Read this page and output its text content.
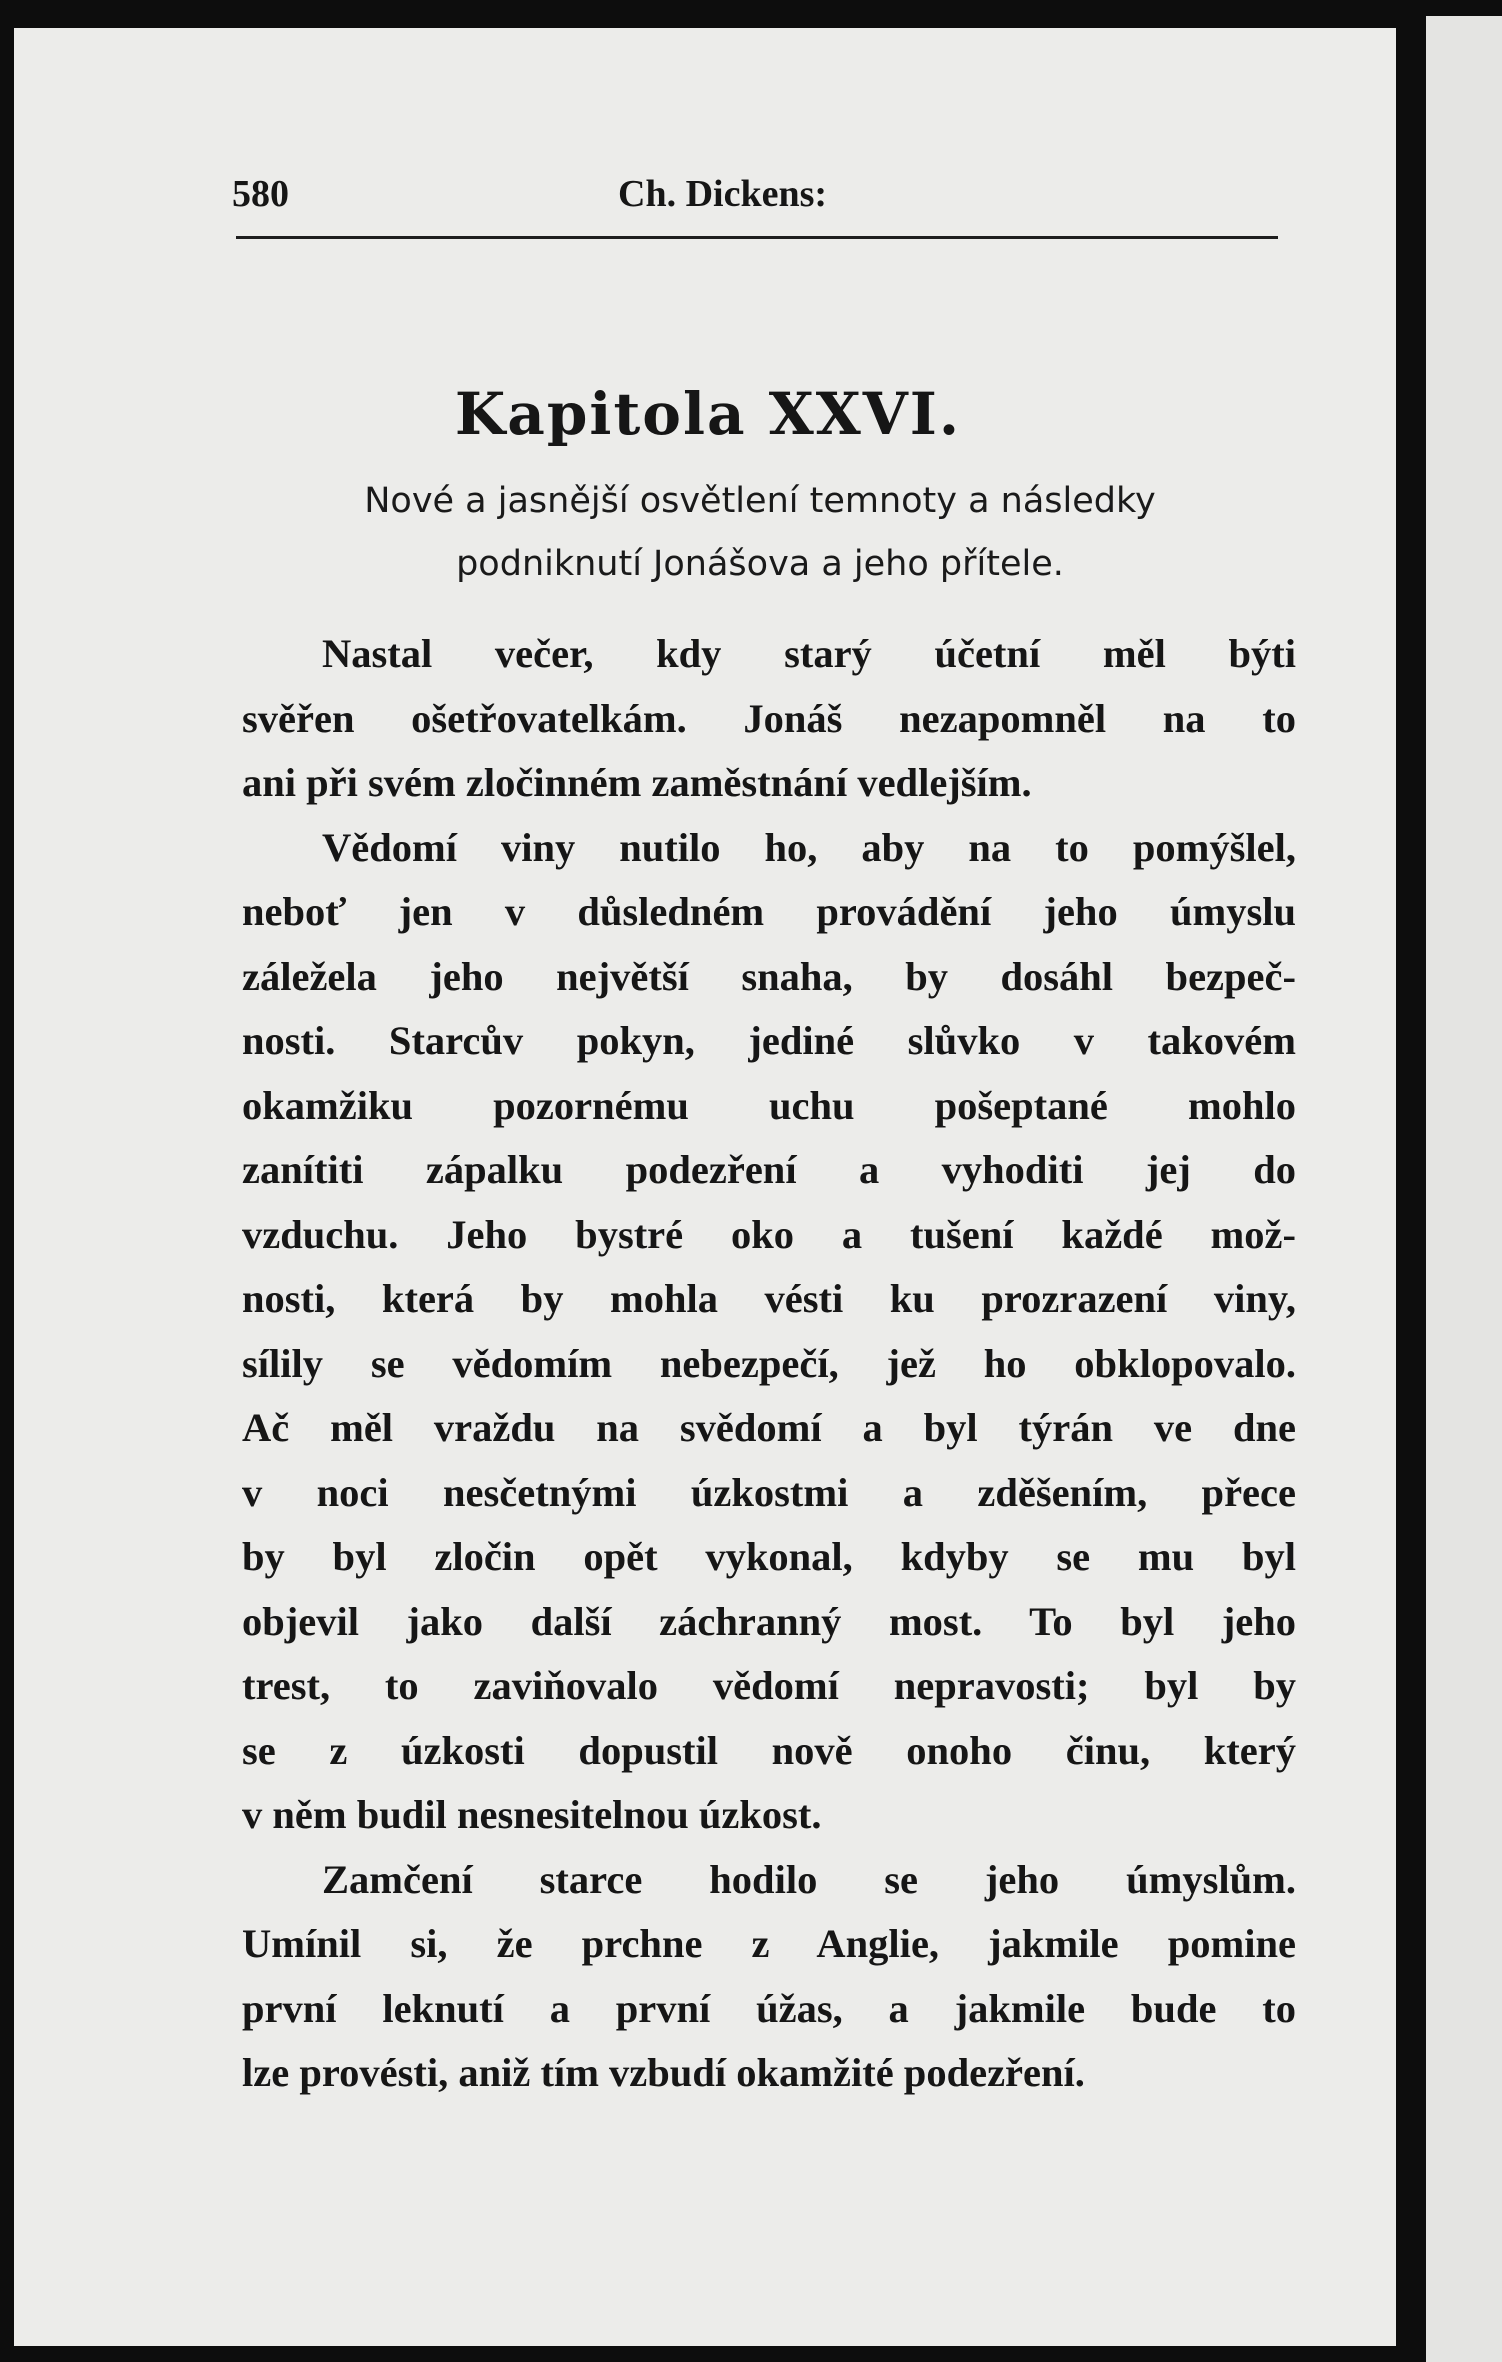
580	Ch. Dickens:
Kapitola XXVI.
Nové a jasnější osvětlení temnoty a následky
podniknutí Jonášova a jeho přítele.
Nastal večer, kdy starý účetní měl býti
svěřen ošetřovatelkám. Jonáš nezapomněl na to
ani při svém zločinném zaměstnání vedlejším.
Vědomí viny nutilo ho, aby na to pomýšlel,
neboť jen v důsledném provádění jeho úmyslu
záležela jeho největší snaha, by dosáhl bezpeč-
nosti. Starcův pokyn, jediné slůvko v takovém
okamžiku pozornému uchu pošeptané mohlo
zanítiti zápalku podezření a vyhoditi jej do
vzduchu. Jeho bystré oko a tušení každé mož-
nosti, která by mohla vésti ku prozrazení viny,
sílily se vědomím nebezpečí, jež ho obklopovalo.
Ač měl vraždu na svědomí a byl týrán ve dne
v noci nesčetnými úzkostmi a zděšením, přece
by byl zločin opět vykonal, kdyby se mu byl
objevil jako další záchranný most. To byl jeho
trest, to zaviňovalo vědomí nepravosti; byl by
se z úzkosti dopustil nově onoho činu, který
v něm budil nesnesitelnou úzkost.
Zamčení starce hodilo se jeho úmyslům.
Umínil si, že prchne z Anglie, jakmile pomine
první leknutí a první úžas, a jakmile bude to
lze provésti, aniž tím vzbudí okamžité podezření.
